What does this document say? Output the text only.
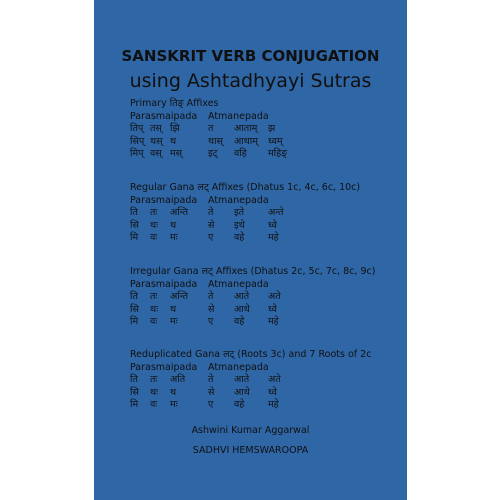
SANSKRIT VERB CONJUGATION
using Ashtadhyayi Sutras
Primary तिङ् Affixes
Parasmaipada	Atmanepada
तिप् तस् झि	त	आताम्	झ
सिप् थस् थ	थास्	आथाम्	ध्वम्
मिप् वस् मस्	इट्	वहि	महिङ्
Regular Gana लट् Affixes (Dhatus 1c, 4c, 6c, 10c)
Parasmaipada	Atmanepada
ति	तः	अन्ति	ते	इते	अन्ते
सि	थः	थ	से	इथे	ध्वे
मि	वः	मः	ए	वहे	महे
Irregular Gana लट् Affixes (Dhatus 2c, 5c, 7c, 8c, 9c)
Parasmaipada	Atmanepada
ति	तः	अन्ति	ते	आते	अते
सि	थः	थ	से	आथे	ध्वे
मि	वः	मः	ए	वहे	महे
Reduplicated Gana लट् (Roots 3c) and 7 Roots of 2c
Parasmaipada	Atmanepada
ति	तः	अति	ते	आते	अते
सि	थः	थ	से	आथे	ध्वे
मि	वः	मः	ए	वहे	महे
Ashwini Kumar Aggarwal
SADHVI HEMSWAROOPA
